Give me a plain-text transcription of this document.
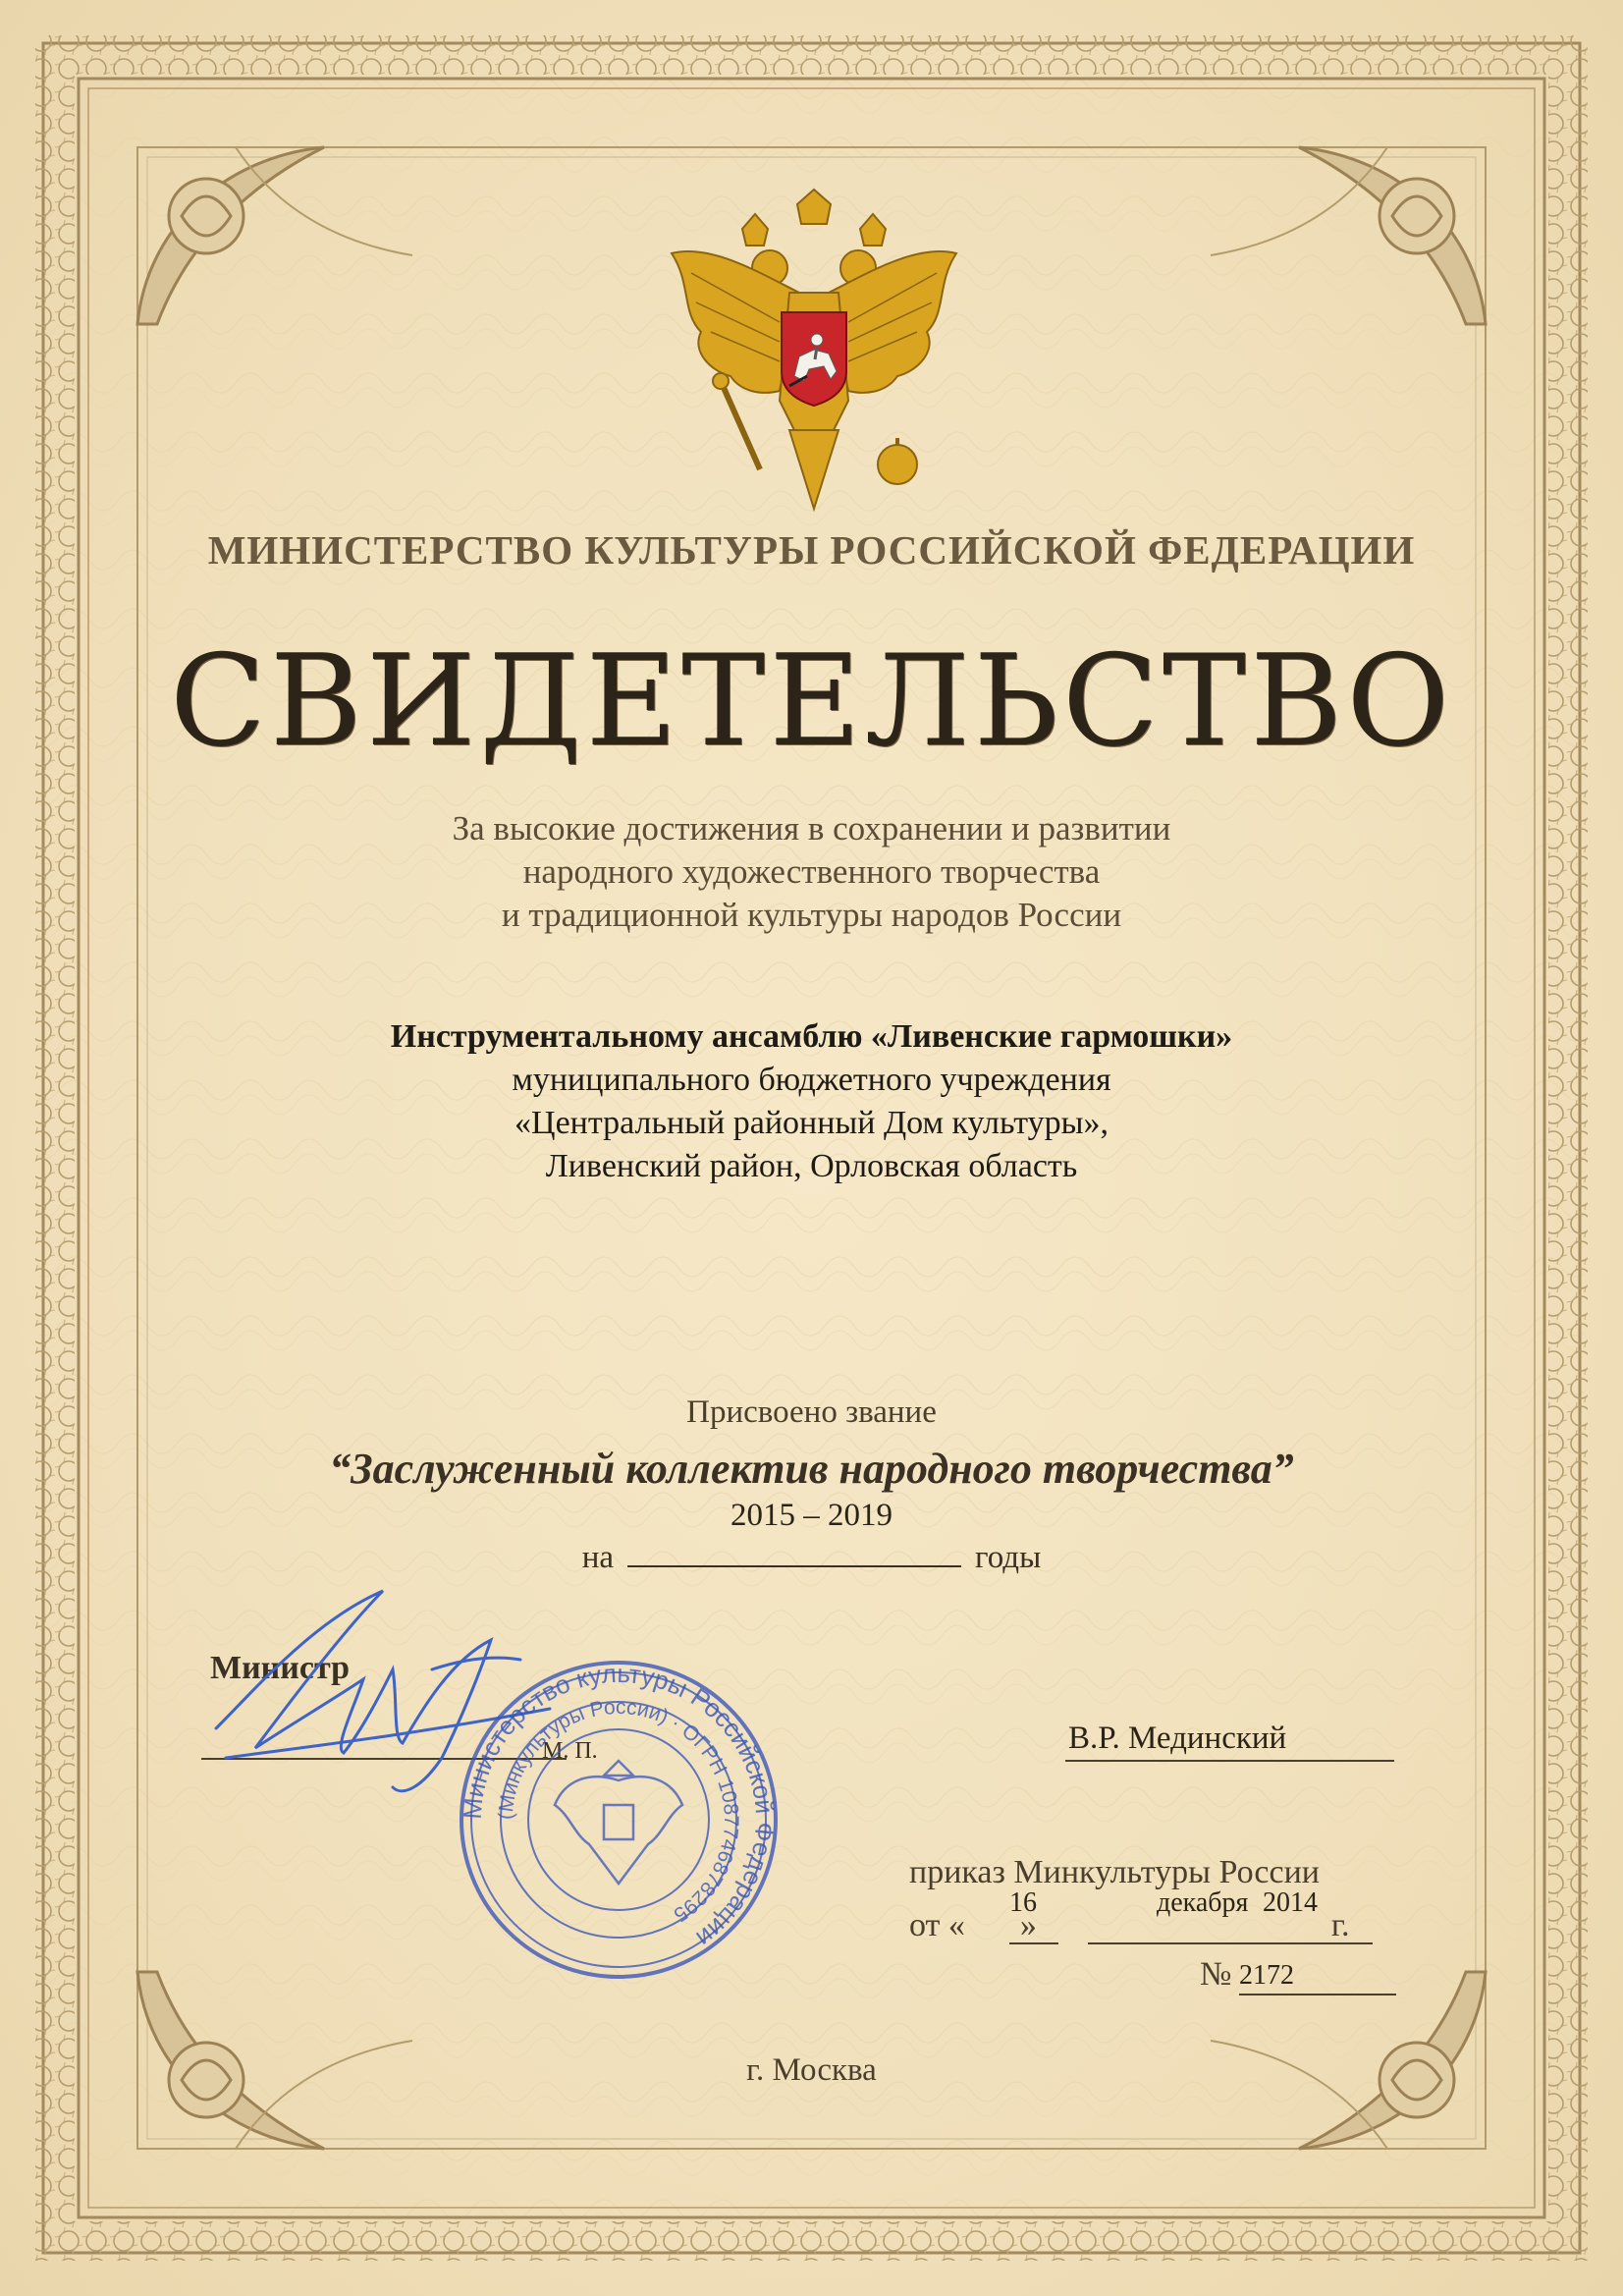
МИНИСТЕРСТВО КУЛЬТУРЫ РОССИЙСКОЙ ФЕДЕРАЦИИ
СВИДЕТЕЛЬСТВО
За высокие достижения в сохранении и развитии
народного художественного творчества
и традиционной культуры народов России
Инструментальному ансамблю «Ливенские гармошки»
муниципального бюджетного учреждения
«Центральный районный Дом культуры»,
Ливенский район, Орловская область
Присвоено звание
“Заслуженный коллектив народного творчества”
2015 – 2019
на	годы
Министр
М. П.
Министерство культуры Российской Федерации
(Минкультуры России) · ОГРН 1087746878295
В.Р. Мединский
приказ Минкультуры России
от « »	г.
16	декабря 2014
№ 2172
г. Москва
